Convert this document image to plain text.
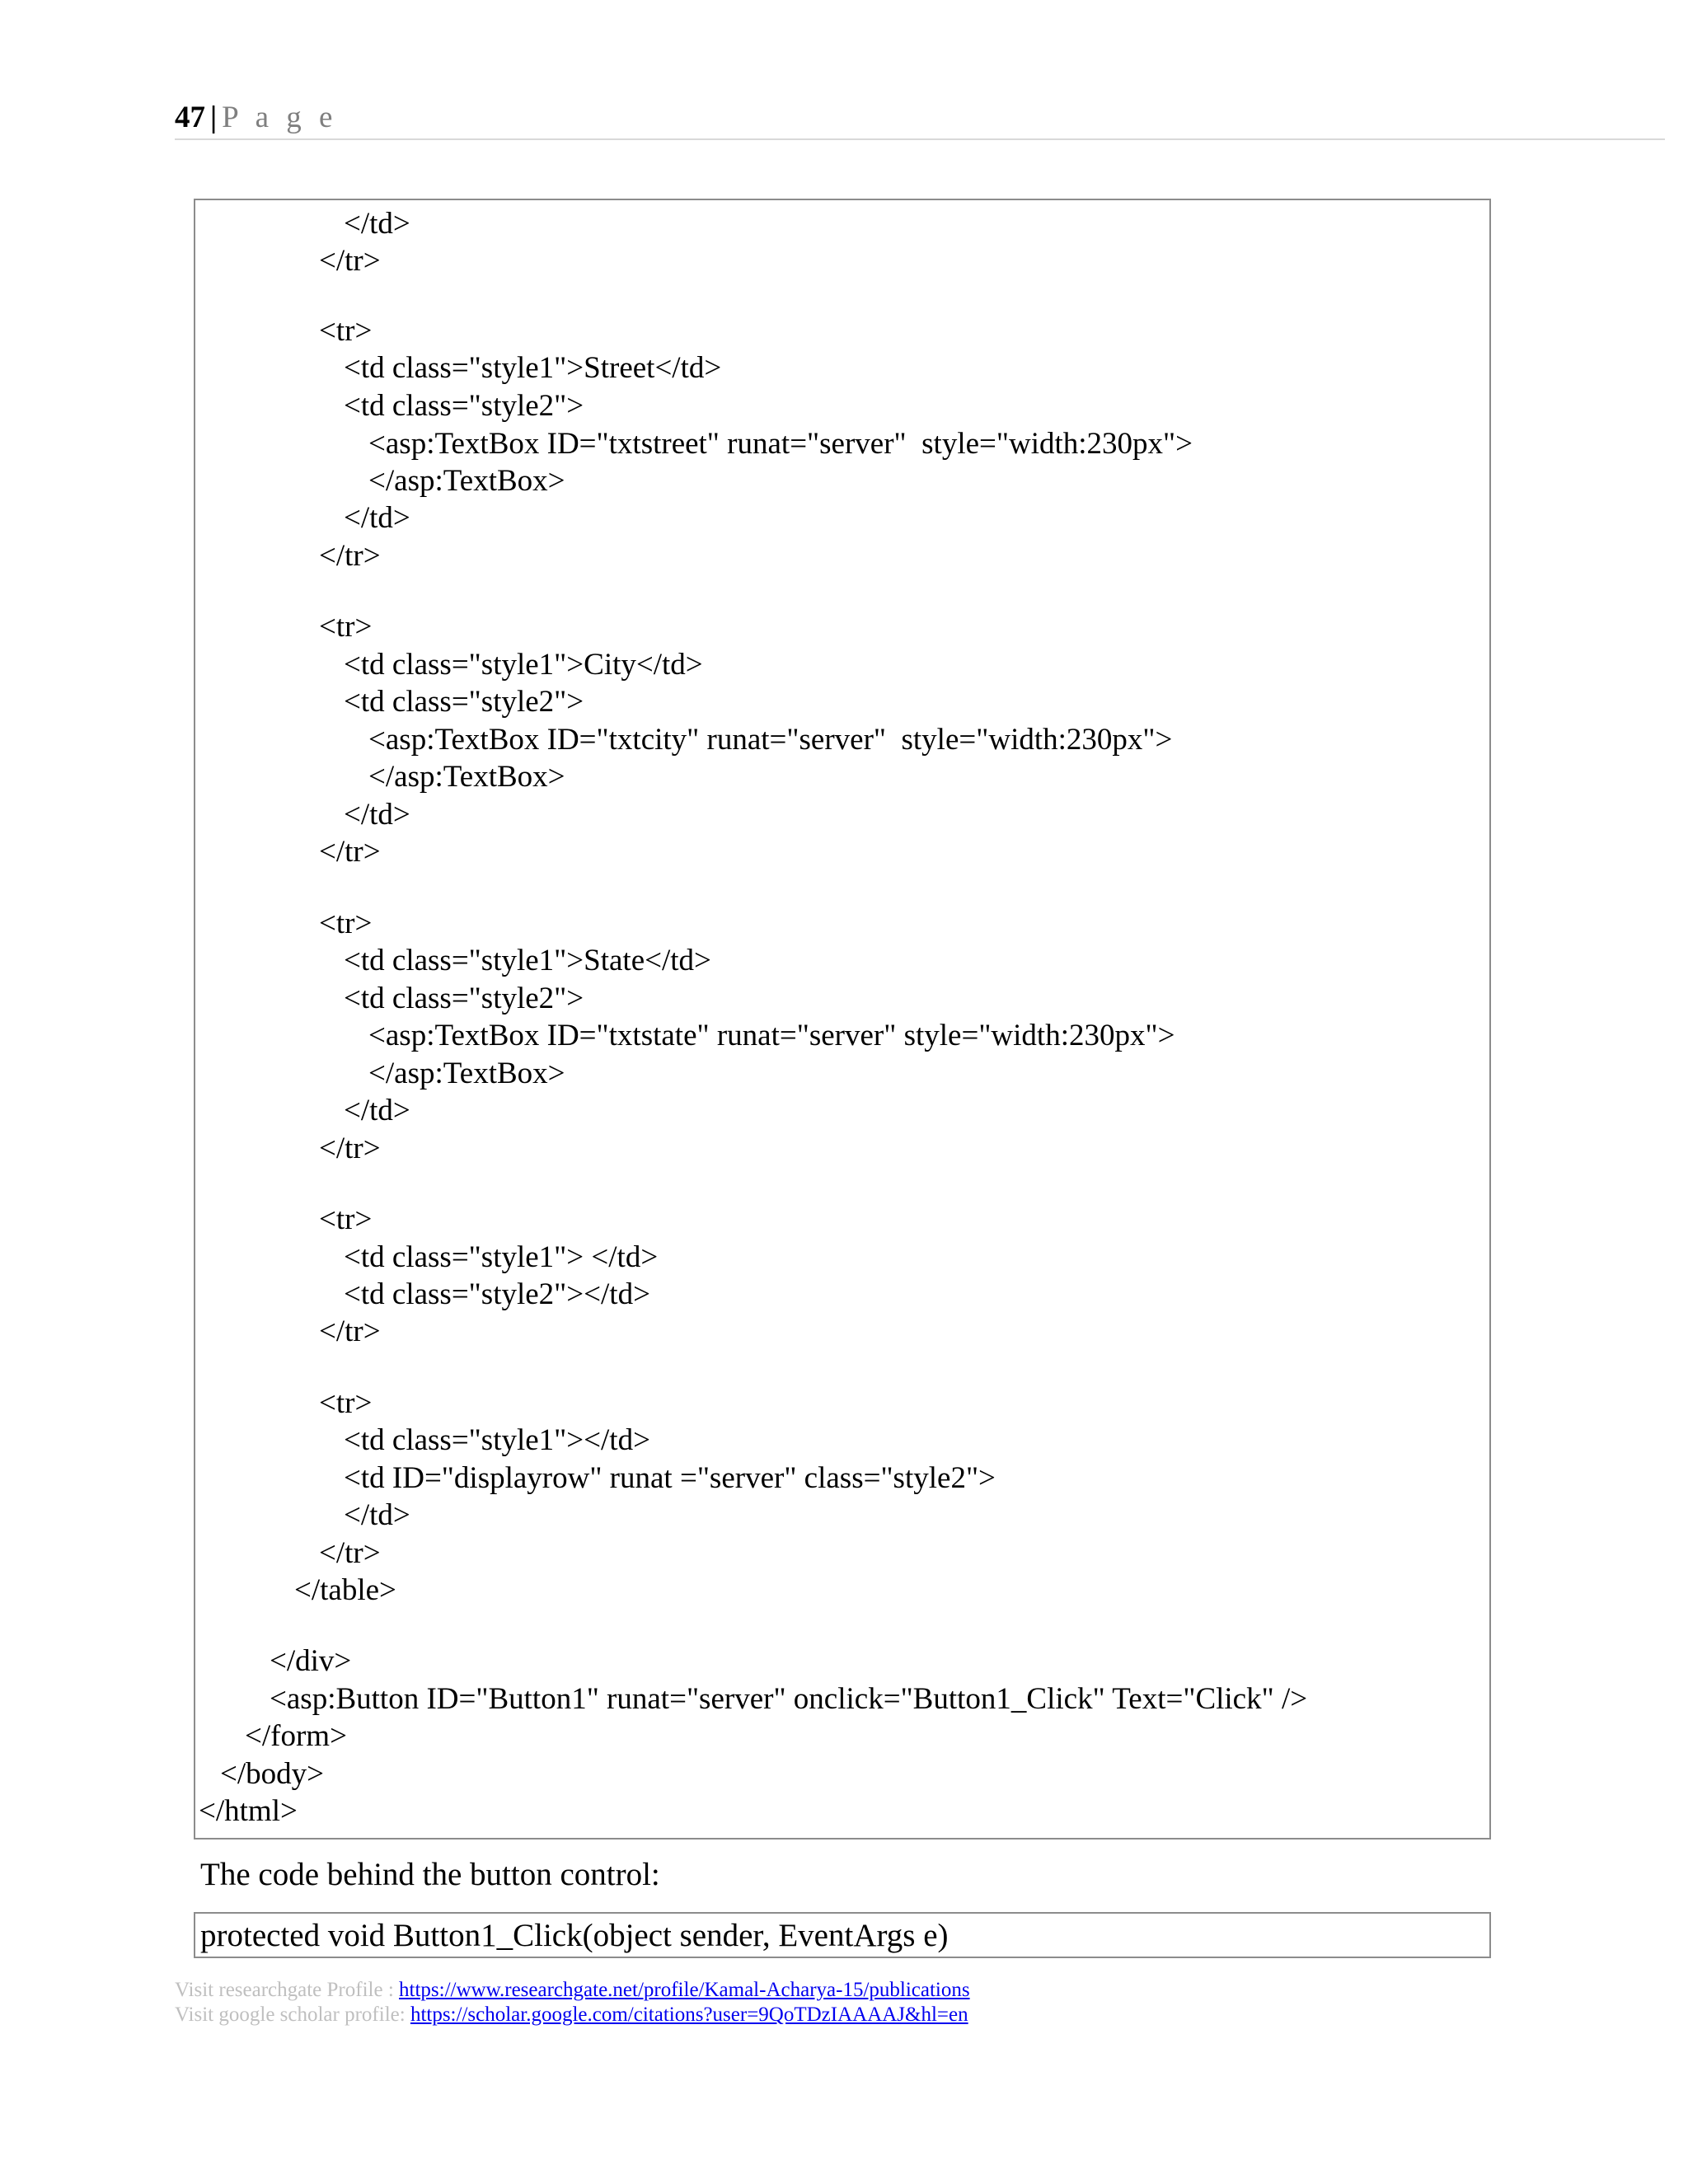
47 | P a g e
</td>
</tr>
<tr>
<td class="style1">Street</td>
<td class="style2">
<asp:TextBox ID="txtstreet" runat="server"  style="width:230px">
</asp:TextBox>
</td>
</tr>
<tr>
<td class="style1">City</td>
<td class="style2">
<asp:TextBox ID="txtcity" runat="server"  style="width:230px">
</asp:TextBox>
</td>
</tr>
<tr>
<td class="style1">State</td>
<td class="style2">
<asp:TextBox ID="txtstate" runat="server" style="width:230px">
</asp:TextBox>
</td>
</tr>
<tr>
<td class="style1"> </td>
<td class="style2"></td>
</tr>
<tr>
<td class="style1"></td>
<td ID="displayrow" runat ="server" class="style2">
</td>
</tr>
</table>
</div>
<asp:Button ID="Button1" runat="server" onclick="Button1_Click" Text="Click" />
</form>
</body>
</html>
The code behind the button control:
protected void Button1_Click(object sender, EventArgs e)
Visit researchgate Profile : https://www.researchgate.net/profile/Kamal-Acharya-15/publications
Visit google scholar profile: https://scholar.google.com/citations?user=9QoTDzIAAAAJ&hl=en
